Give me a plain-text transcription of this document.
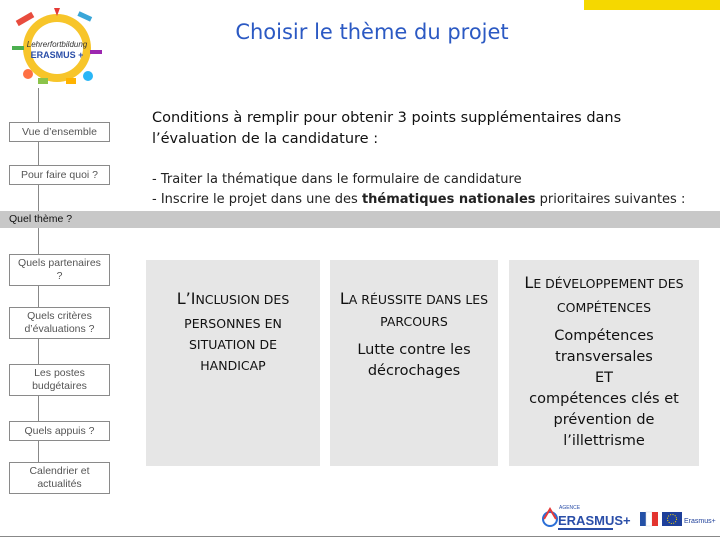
Lehrerfortbildung
ERASMUS +
Choisir le thème du projet
Vue d’ensemble
Pour faire quoi ?
Quel thème ?
Quels partenaires ?
Quels critères d’évaluations ?
Les postes budgétaires
Quels appuis ?
Calendrier et actualités
Conditions à remplir pour obtenir 3 points supplémentaires dans l’évaluation de la candidature :
- Traiter la thématique dans le formulaire de candidature
- Inscrire le projet dans une des thématiques nationales prioritaires suivantes :
L’INCLUSION DES
PERSONNES EN
SITUATION DE
HANDICAP
LA RÉUSSITE DANS LES
PARCOURS
Lutte contre les
décrochages
LE DÉVELOPPEMENT DES
COMPÉTENCES
Compétences
transversales
ET
compétences clés et
prévention de
l’illettrisme
AGENCE
ERASMUS+	Erasmus+
